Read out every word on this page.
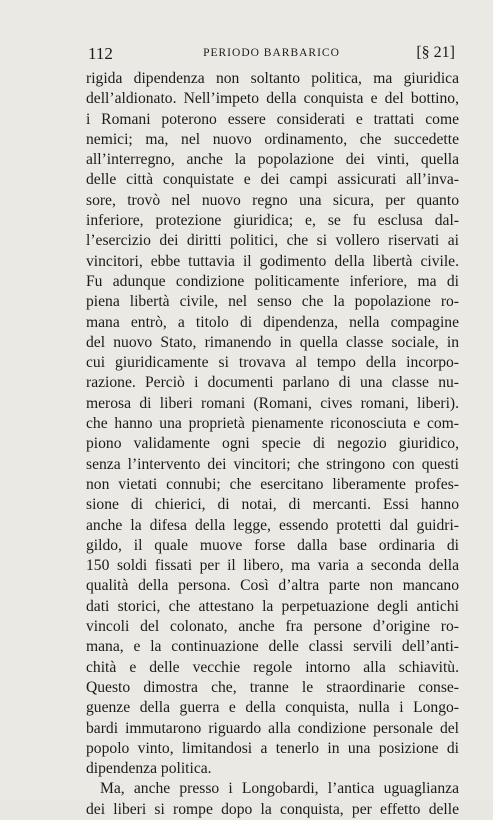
112	PERIODO BARBARICO	[§ 21]
rigida dipendenza non soltanto politica, ma giuridica
dell’aldionato. Nell’impeto della conquista e del bottino,
i Romani poterono essere considerati e trattati come
nemici; ma, nel nuovo ordinamento, che succedette
all’interregno, anche la popolazione dei vinti, quella
delle città conquistate e dei campi assicurati all’inva-
sore, trovò nel nuovo regno una sicura, per quanto
inferiore, protezione giuridica; e, se fu esclusa dal-
l’esercizio dei diritti politici, che si vollero riservati ai
vincitori, ebbe tuttavia il godimento della libertà civile.
Fu adunque condizione politicamente inferiore, ma di
piena libertà civile, nel senso che la popolazione ro-
mana entrò, a titolo di dipendenza, nella compagine
del nuovo Stato, rimanendo in quella classe sociale, in
cui giuridicamente si trovava al tempo della incorpo-
razione. Perciò i documenti parlano di una classe nu-
merosa di liberi romani (Romani, cives romani, liberi).
che hanno una proprietà pienamente riconosciuta e com-
piono validamente ogni specie di negozio giuridico,
senza l’intervento dei vincitori; che stringono con questi
non vietati connubi; che esercitano liberamente profes-
sione di chierici, di notai, di mercanti. Essi hanno
anche la difesa della legge, essendo protetti dal guidri-
gildo, il quale muove forse dalla base ordinaria di
150 soldi fissati per il libero, ma varia a seconda della
qualità della persona. Così d’altra parte non mancano
dati storici, che attestano la perpetuazione degli antichi
vincoli del colonato, anche fra persone d’origine ro-
mana, e la continuazione delle classi servili dell’anti-
chità e delle vecchie regole intorno alla schiavitù.
Questo dimostra che, tranne le straordinarie conse-
guenze della guerra e della conquista, nulla i Longo-
bardi immutarono riguardo alla condizione personale del
popolo vinto, limitandosi a tenerlo in una posizione di
dipendenza politica.
Ma, anche presso i Longobardi, l’antica uguaglianza
dei liberi si rompe dopo la conquista, per effetto delle
